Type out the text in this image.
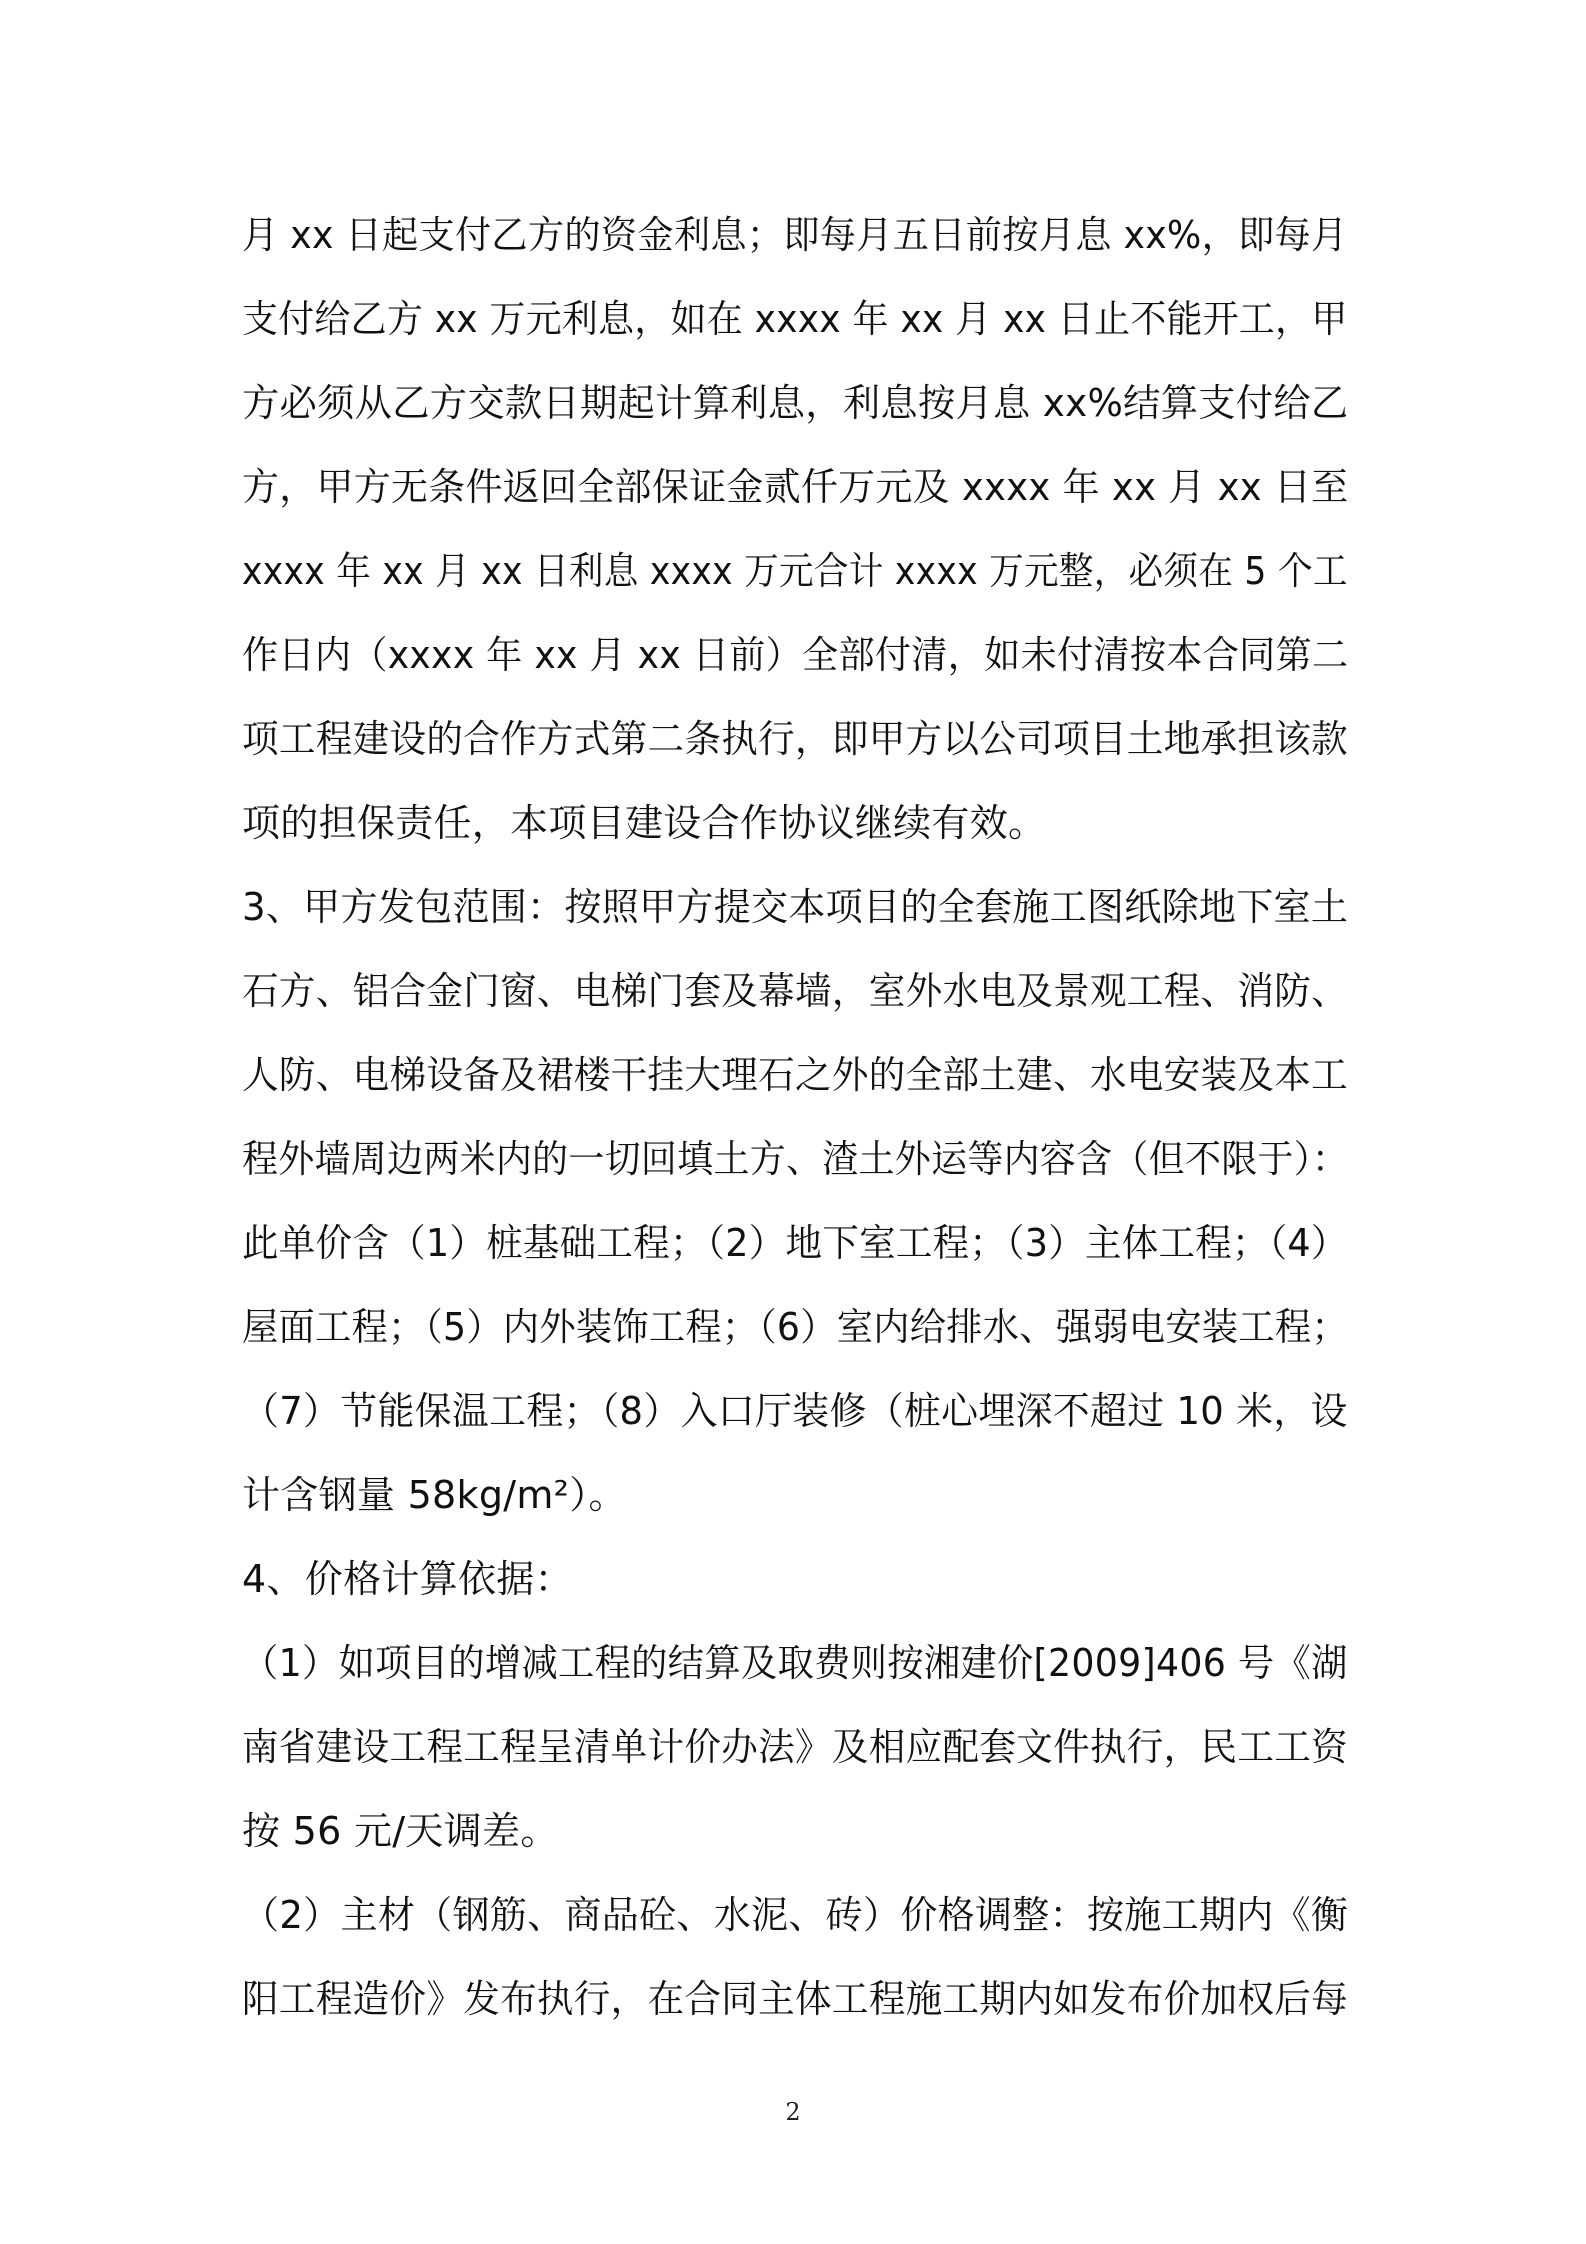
月 xx 日起支付乙方的资金利息；即每月五日前按月息 xx%，即每月
支付给乙方 xx 万元利息，如在 xxxx 年 xx 月 xx 日止不能开工，甲
方必须从乙方交款日期起计算利息，利息按月息 xx%结算支付给乙
方，甲方无条件返回全部保证金贰仟万元及 xxxx 年 xx 月 xx 日至
xxxx 年 xx 月 xx 日利息 xxxx 万元合计 xxxx 万元整，必须在 5 个工
作日内（xxxx 年 xx 月 xx 日前）全部付清，如未付清按本合同第二
项工程建设的合作方式第二条执行，即甲方以公司项目土地承担该款
项的担保责任，本项目建设合作协议继续有效。
3、甲方发包范围：按照甲方提交本项目的全套施工图纸除地下室土
石方、铝合金门窗、电梯门套及幕墙，室外水电及景观工程、消防、
人防、电梯设备及裙楼干挂大理石之外的全部土建、水电安装及本工
程外墙周边两米内的一切回填土方、渣土外运等内容含（但不限于）：
此单价含（1）桩基础工程；（2）地下室工程；（3）主体工程；（4）
屋面工程；（5）内外装饰工程；（6）室内给排水、强弱电安装工程；
（7）节能保温工程；（8）入口厅装修（桩心埋深不超过 10 米，设
计含钢量 58kg/m²）。
4、价格计算依据：
（1）如项目的增减工程的结算及取费则按湘建价[2009]406 号《湖
南省建设工程工程呈清单计价办法》及相应配套文件执行，民工工资
按 56 元/天调差。
（2）主材（钢筋、商品砼、水泥、砖）价格调整：按施工期内《衡
阳工程造价》发布执行，在合同主体工程施工期内如发布价加权后每
2
